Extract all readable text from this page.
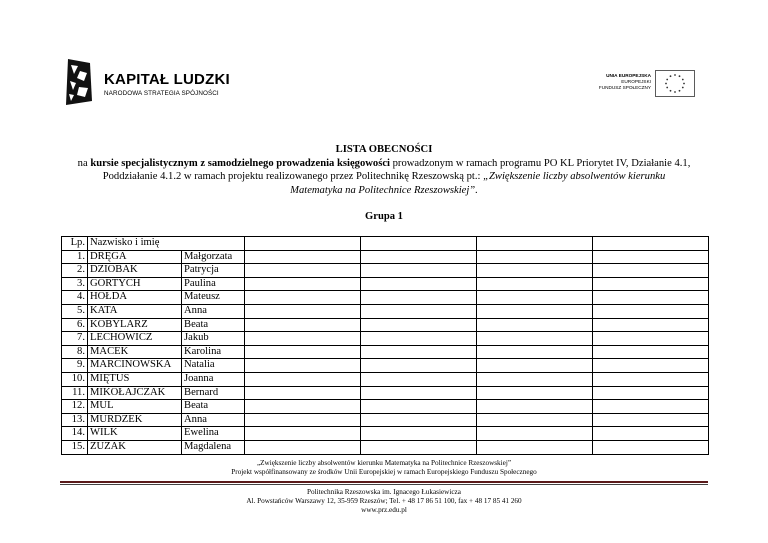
KAPITAŁ LUDZKI
NARODOWA STRATEGIA SPÓJNOŚCI
UNIA EUROPEJSKA
EUROPEJSKI
FUNDUSZ SPOŁECZNY
LISTA OBECNOŚCI
na kursie specjalistycznym z samodzielnego prowadzenia księgowości prowadzonym w ramach programu PO KL Priorytet IV, Działanie 4.1,
Poddziałanie 4.1.2 w ramach projektu realizowanego przez Politechnikę Rzeszowską pt.: „Zwiększenie liczby absolwentów kierunku
Matematyka na Politechnice Rzeszowskiej”.
Grupa 1
Lp.	Nazwisko i imię					
1.	DRĘGA	Małgorzata				
2.	DZIOBAK	Patrycja				
3.	GORTYCH	Paulina				
4.	HOŁDA	Mateusz				
5.	KATA	Anna				
6.	KOBYLARZ	Beata				
7.	LECHOWICZ	Jakub				
8.	MACEK	Karolina				
9.	MARCINOWSKA	Natalia				
10.	MIĘTUS	Joanna				
11.	MIKOŁAJCZAK	Bernard				
12.	MUL	Beata				
13.	MURDZEK	Anna				
14.	WILK	Ewelina				
15.	ZUZAK	Magdalena				
„Zwiększenie liczby absolwentów kierunku Matematyka na Politechnice Rzeszowskiej”
Projekt współfinansowany ze środków Unii Europejskiej w ramach Europejskiego Funduszu Społecznego
Politechnika Rzeszowska im. Ignacego Łukasiewicza
Al. Powstańców Warszawy 12, 35-959 Rzeszów; Tel. + 48 17 86 51 100, fax + 48 17 85 41 260
www.prz.edu.pl
